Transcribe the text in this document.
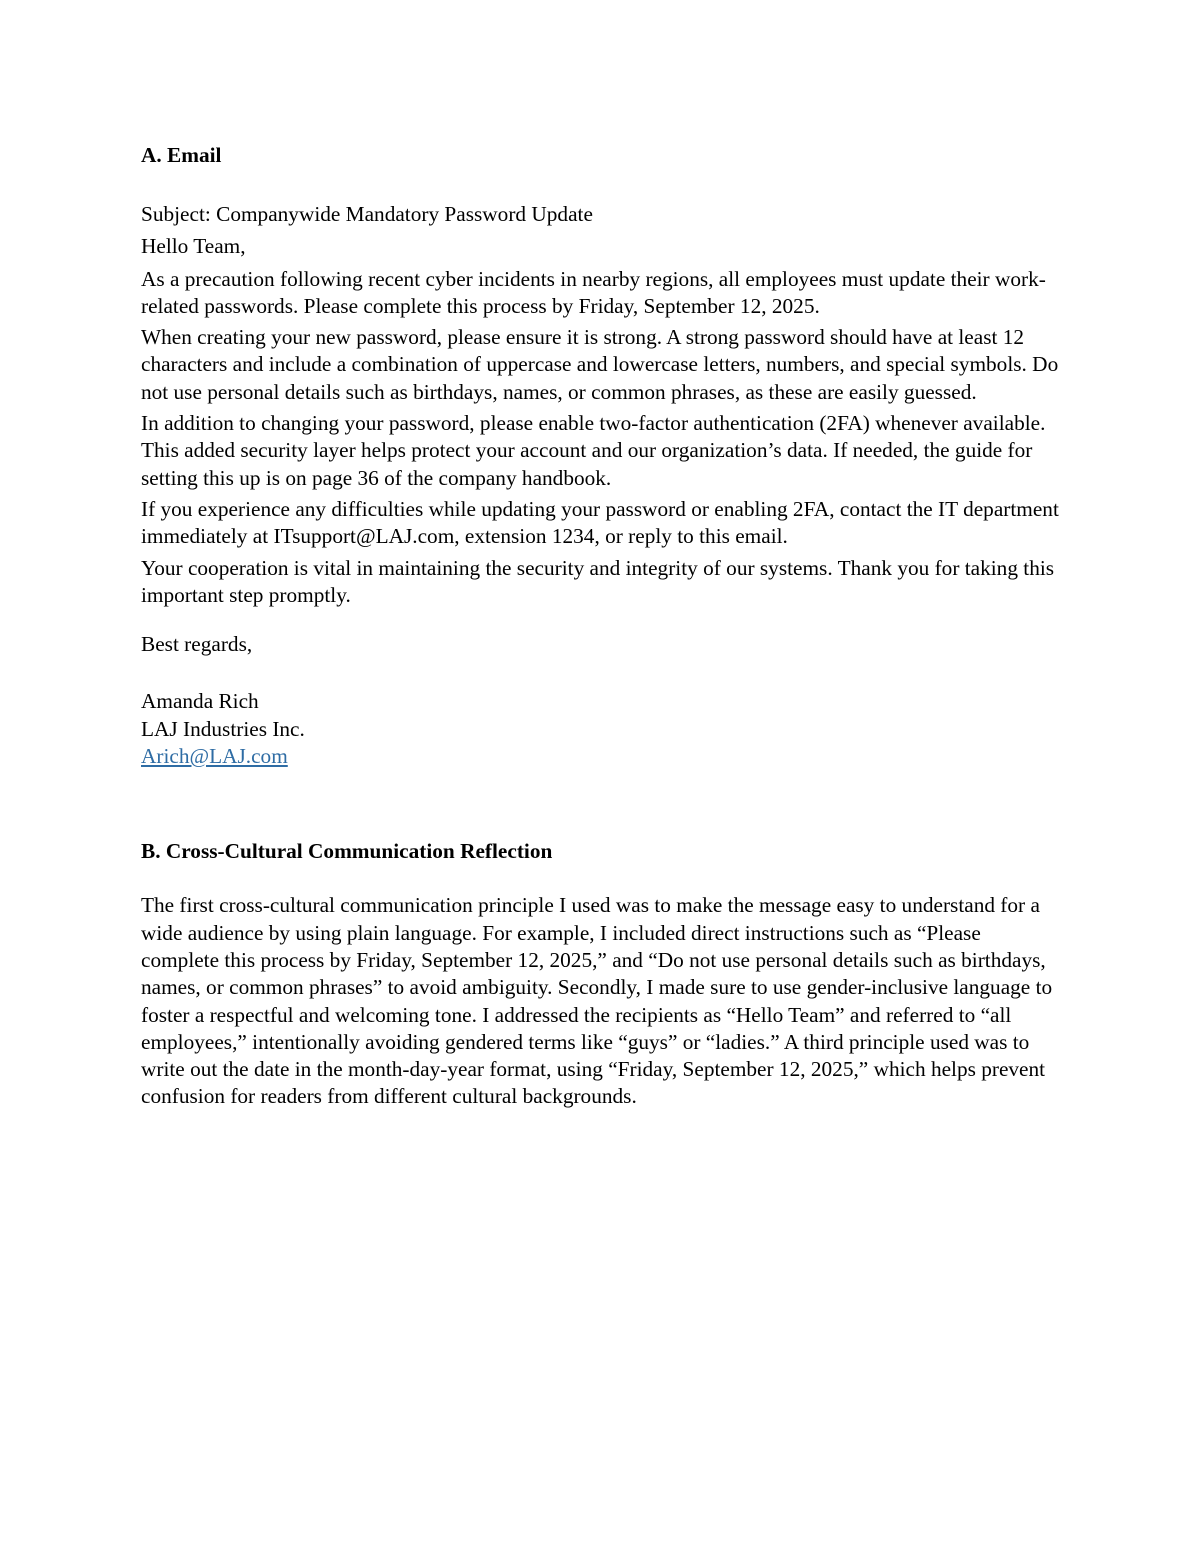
A. Email

Subject: Companywide Mandatory Password Update

Hello Team,

As a precaution following recent cyber incidents in nearby regions, all employees must update their work-related passwords. Please complete this process by Friday, September 12, 2025.

When creating your new password, please ensure it is strong. A strong password should have at least 12 characters and include a combination of uppercase and lowercase letters, numbers, and special symbols. Do not use personal details such as birthdays, names, or common phrases, as these are easily guessed.

In addition to changing your password, please enable two-factor authentication (2FA) whenever available. This added security layer helps protect your account and our organization’s data. If needed, the guide for setting this up is on page 36 of the company handbook.

If you experience any difficulties while updating your password or enabling 2FA, contact the IT department immediately at ITsupport@LAJ.com, extension 1234, or reply to this email.

Your cooperation is vital in maintaining the security and integrity of our systems. Thank you for taking this important step promptly.

Best regards,

Amanda Rich

LAJ Industries Inc.

Arich@LAJ.com

B. Cross-Cultural Communication Reflection

The first cross-cultural communication principle I used was to make the message easy to understand for a wide audience by using plain language. For example, I included direct instructions such as “Please complete this process by Friday, September 12, 2025,” and “Do not use personal details such as birthdays, names, or common phrases” to avoid ambiguity. Secondly, I made sure to use gender-inclusive language to foster a respectful and welcoming tone. I addressed the recipients as “Hello Team” and referred to “all employees,” intentionally avoiding gendered terms like “guys” or “ladies.” A third principle used was to write out the date in the month-day-year format, using “Friday, September 12, 2025,” which helps prevent confusion for readers from different cultural backgrounds.
